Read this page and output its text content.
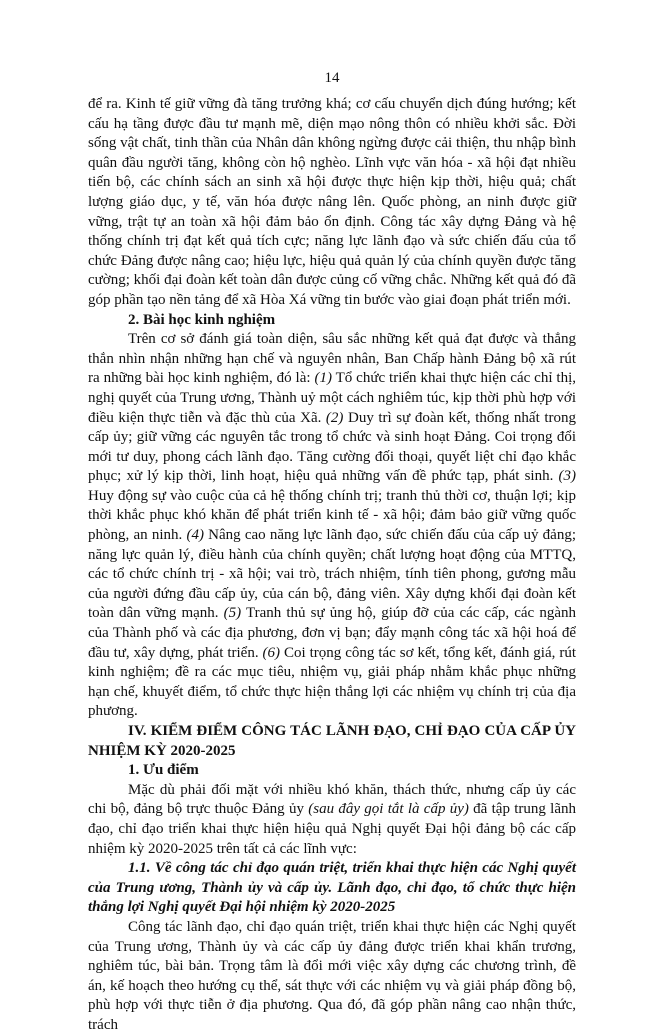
14

để ra. Kinh tế giữ vững đà tăng trưởng khá; cơ cấu chuyển dịch đúng hướng; kết cấu hạ tầng được đầu tư mạnh mẽ, diện mạo nông thôn có nhiều khởi sắc. Đời sống vật chất, tinh thần của Nhân dân không ngừng được cải thiện, thu nhập bình quân đầu người tăng, không còn hộ nghèo. Lĩnh vực văn hóa - xã hội đạt nhiều tiến bộ, các chính sách an sinh xã hội được thực hiện kịp thời, hiệu quả; chất lượng giáo dục, y tế, văn hóa được nâng lên. Quốc phòng, an ninh được giữ vững, trật tự an toàn xã hội đảm bảo ổn định. Công tác xây dựng Đảng và hệ thống chính trị đạt kết quả tích cực; năng lực lãnh đạo và sức chiến đấu của tổ chức Đảng được nâng cao; hiệu lực, hiệu quả quản lý của chính quyền được tăng cường; khối đại đoàn kết toàn dân được củng cố vững chắc. Những kết quả đó đã góp phần tạo nền tảng để xã Hòa Xá vững tin bước vào giai đoạn phát triển mới.

2. Bài học kinh nghiệm

Trên cơ sở đánh giá toàn diện, sâu sắc những kết quả đạt được và thẳng thắn nhìn nhận những hạn chế và nguyên nhân, Ban Chấp hành Đảng bộ xã rút ra những bài học kinh nghiệm, đó là: (1) Tổ chức triển khai thực hiện các chỉ thị, nghị quyết của Trung ương, Thành uỷ một cách nghiêm túc, kịp thời phù hợp với điều kiện thực tiễn và đặc thù của Xã. (2) Duy trì sự đoàn kết, thống nhất trong cấp ủy; giữ vững các nguyên tắc trong tổ chức và sinh hoạt Đảng. Coi trọng đổi mới tư duy, phong cách lãnh đạo. Tăng cường đối thoại, quyết liệt chỉ đạo khắc phục; xử lý kịp thời, linh hoạt, hiệu quả những vấn đề phức tạp, phát sinh. (3) Huy động sự vào cuộc của cả hệ thống chính trị; tranh thủ thời cơ, thuận lợi; kịp thời khắc phục khó khăn để phát triển kinh tế - xã hội; đảm bảo giữ vững quốc phòng, an ninh. (4) Nâng cao năng lực lãnh đạo, sức chiến đấu của cấp uỷ đảng; năng lực quản lý, điều hành của chính quyền; chất lượng hoạt động của MTTQ, các tổ chức chính trị - xã hội; vai trò, trách nhiệm, tính tiên phong, gương mẫu của người đứng đầu cấp ủy, của cán bộ, đảng viên. Xây dựng khối đại đoàn kết toàn dân vững mạnh. (5) Tranh thủ sự ủng hộ, giúp đỡ của các cấp, các ngành của Thành phố và các địa phương, đơn vị bạn; đẩy mạnh công tác xã hội hoá để đầu tư, xây dựng, phát triển. (6) Coi trọng công tác sơ kết, tổng kết, đánh giá, rút kinh nghiệm; đề ra các mục tiêu, nhiệm vụ, giải pháp nhằm khắc phục những hạn chế, khuyết điểm, tổ chức thực hiện thắng lợi các nhiệm vụ chính trị của địa phương.

IV. KIỂM ĐIỂM CÔNG TÁC LÃNH ĐẠO, CHỈ ĐẠO CỦA CẤP ỦY NHIỆM KỲ 2020-2025
1. Ưu điểm

Mặc dù phải đối mặt với nhiều khó khăn, thách thức, nhưng cấp ủy các chi bộ, đảng bộ trực thuộc Đảng ủy (sau đây gọi tắt là cấp ủy) đã tập trung lãnh đạo, chỉ đạo triển khai thực hiện hiệu quả Nghị quyết Đại hội đảng bộ các cấp nhiệm kỳ 2020-2025 trên tất cả các lĩnh vực:

1.1. Về công tác chỉ đạo quán triệt, triển khai thực hiện các Nghị quyết của Trung ương, Thành ủy và cấp ủy. Lãnh đạo, chỉ đạo, tổ chức thực hiện thắng lợi Nghị quyết Đại hội nhiệm kỳ 2020-2025

Công tác lãnh đạo, chỉ đạo quán triệt, triển khai thực hiện các Nghị quyết của Trung ương, Thành ủy và các cấp ủy đảng được triển khai khẩn trương, nghiêm túc, bài bản. Trọng tâm là đổi mới việc xây dựng các chương trình, đề án, kế hoạch theo hướng cụ thể, sát thực với các nhiệm vụ và giải pháp đồng bộ, phù hợp với thực tiễn ở địa phương. Qua đó, đã góp phần nâng cao nhận thức, trách
